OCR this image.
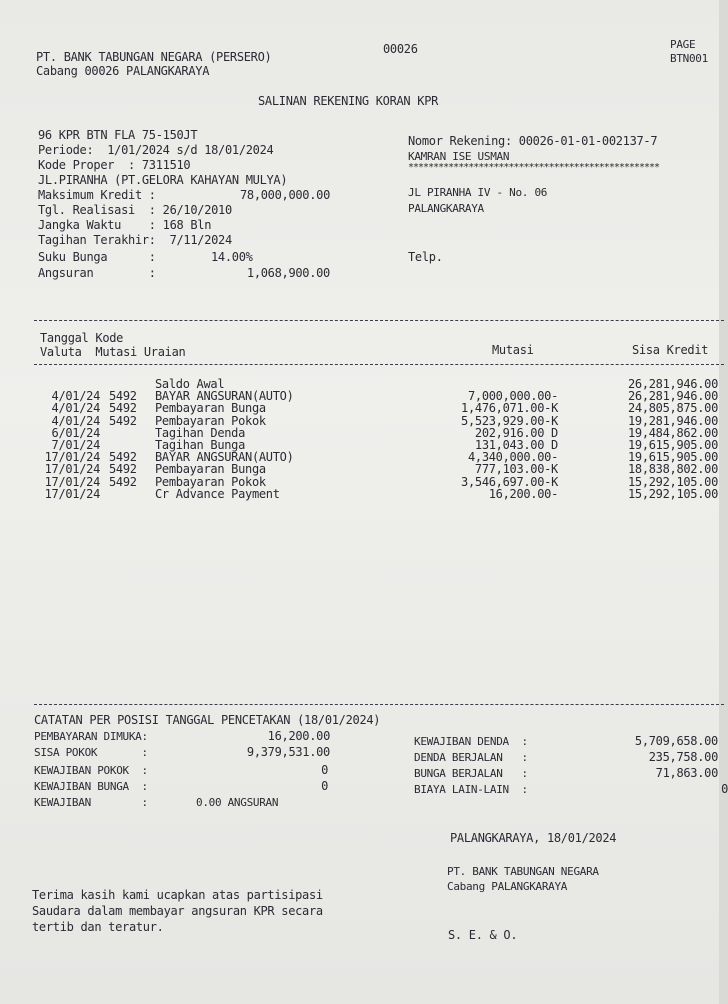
PT. BANK TABUNGAN NEGARA (PERSERO)
Cabang 00026 PALANGKARAYA
00026	PAGE
BTN001
SALINAN REKENING KORAN KPR
96 KPR BTN FLA 75-150JT
Periode:  1/01/2024 s/d 18/01/2024
Kode Proper  : 7311510
JL.PIRANHA (PT.GELORA KAHAYAN MULYA)
Maksimum Kredit :	78,000,000.00
Tgl. Realisasi  : 26/10/2010
Jangka Waktu    : 168 Bln
Tagihan Terakhir:  7/11/2024
Suku Bunga      :	14.00%
Angsuran        :	1,068,900.00
Nomor Rekening: 00026-01-01-002137-7
KAMRAN ISE USMAN
**************************************************
JL PIRANHA IV - No. 06
PALANGKARAYA
Telp.
Tanggal Kode
Valuta  Mutasi Uraian	Mutasi	Sisa Kredit
Saldo Awal	26,281,946.00
4/01/24 5492 BAYAR ANGSURAN(AUTO)	7,000,000.00-	26,281,946.00
4/01/24 5492 Pembayaran Bunga	1,476,071.00-K	24,805,875.00
4/01/24 5492 Pembayaran Pokok	5,523,929.00-K	19,281,946.00
6/01/24	Tagihan Denda	202,916.00 D	19,484,862.00
7/01/24	Tagihan Bunga	131,043.00 D	19,615,905.00
17/01/24 5492 BAYAR ANGSURAN(AUTO)	4,340,000.00-	19,615,905.00
17/01/24 5492 Pembayaran Bunga	777,103.00-K	18,838,802.00
17/01/24 5492 Pembayaran Pokok	3,546,697.00-K	15,292,105.00
17/01/24	Cr Advance Payment	16,200.00-	15,292,105.00
CATATAN PER POSISI TANGGAL PENCETAKAN (18/01/2024)
PEMBAYARAN DIMUKA:	16,200.00
SISA POKOK       :	9,379,531.00
KEWAJIBAN POKOK  :	0
KEWAJIBAN BUNGA  :	0
KEWAJIBAN        :	0.00 ANGSURAN
KEWAJIBAN DENDA  :	5,709,658.00
DENDA BERJALAN   :	235,758.00
BUNGA BERJALAN   :	71,863.00
BIAYA LAIN-LAIN  :	0
PALANGKARAYA, 18/01/2024
PT. BANK TABUNGAN NEGARA
Cabang PALANGKARAYA
Terima kasih kami ucapkan atas partisipasi
Saudara dalam membayar angsuran KPR secara
tertib dan teratur.
S. E. & O.
